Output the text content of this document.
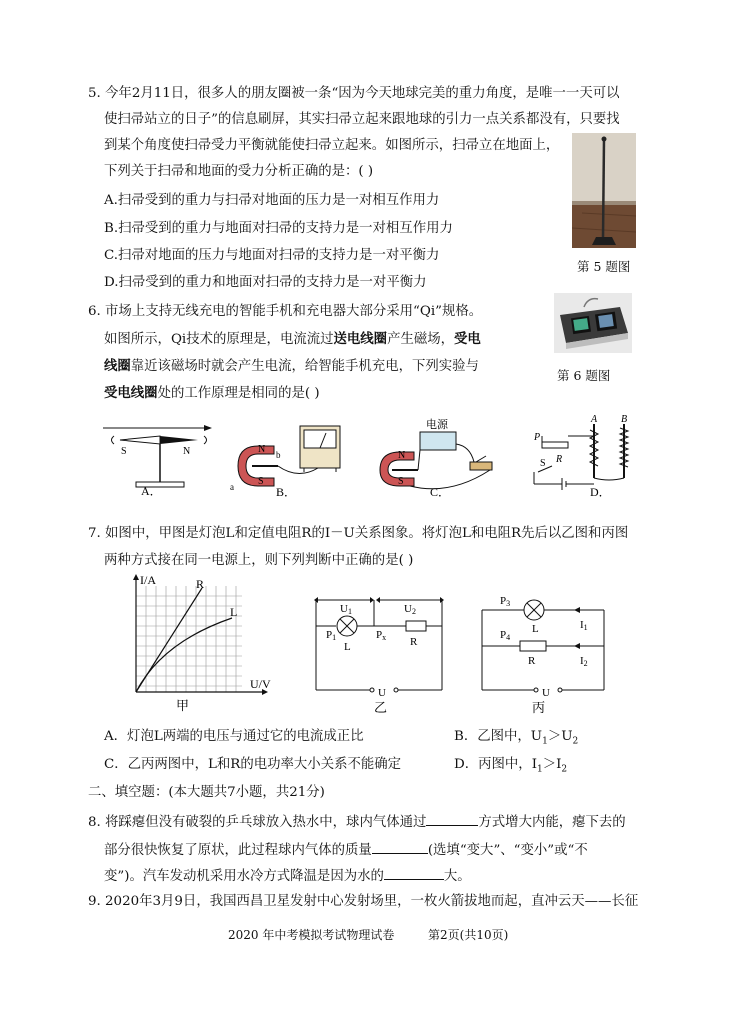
5. 今年2月11日，很多人的朋友圈被一条“因为今天地球完美的重力角度，是唯一一天可以
使扫帚站立的日子”的信息刷屏，其实扫帚立起来跟地球的引力一点关系都没有，只要找
到某个角度使扫帚受力平衡就能使扫帚立起来。如图所示，扫帚立在地面上，
下列关于扫帚和地面的受力分析正确的是：( )
A.扫帚受到的重力与扫帚对地面的压力是一对相互作用力
B.扫帚受到的重力与地面对扫帚的支持力是一对相互作用力
C.扫帚对地面的压力与地面对扫帚的支持力是一对平衡力
D.扫帚受到的重力和地面对扫帚的支持力是一对平衡力
第 5 题图
6. 市场上支持无线充电的智能手机和充电器大部分采用“Qi”规格。
如图所示，Qi技术的原理是，电流流过送电线圈产生磁场，受电
线圈靠近该磁场时就会产生电流，给智能手机充电，下列实验与
受电线圈处的工作原理是相同的是( )
第 6 题图
S	N
A．
N
S
a
b
B．
电源
N
S
C．
A B
P
S R
D．
7. 如图中，甲图是灯泡L和定值电阻R的I－U关系图象。将灯泡L和电阻R先后以乙图和丙图
两种方式接在同一电源上，则下列判断中正确的是( )
I/A
U/V
R
L
甲
U1	U2
P1	Px
L	R
U
乙
P3
L	I1
P4
R	I2
U
丙
A．灯泡L两端的电压与通过它的电流成正比	B．乙图中，$U_1>U_2$
C．乙丙两图中，L和R的电功率大小关系不能确定	D．丙图中，$I_1>I_2$
二、填空题：(本大题共7小题，共21分)
8. 将踩瘪但没有破裂的乒乓球放入热水中，球内气体通过	方式增大内能，瘪下去的
部分很快恢复了原状，此过程球内气体的质量	(选填“变大”、“变小”或“不
变”)。汽车发动机采用水冷方式降温是因为水的	大。
9. 2020年3月9日，我国西昌卫星发射中心发射场里，一枚火箭拔地而起，直冲云天——长征
2020 年中考模拟考试物理试卷	第2页(共10页)
